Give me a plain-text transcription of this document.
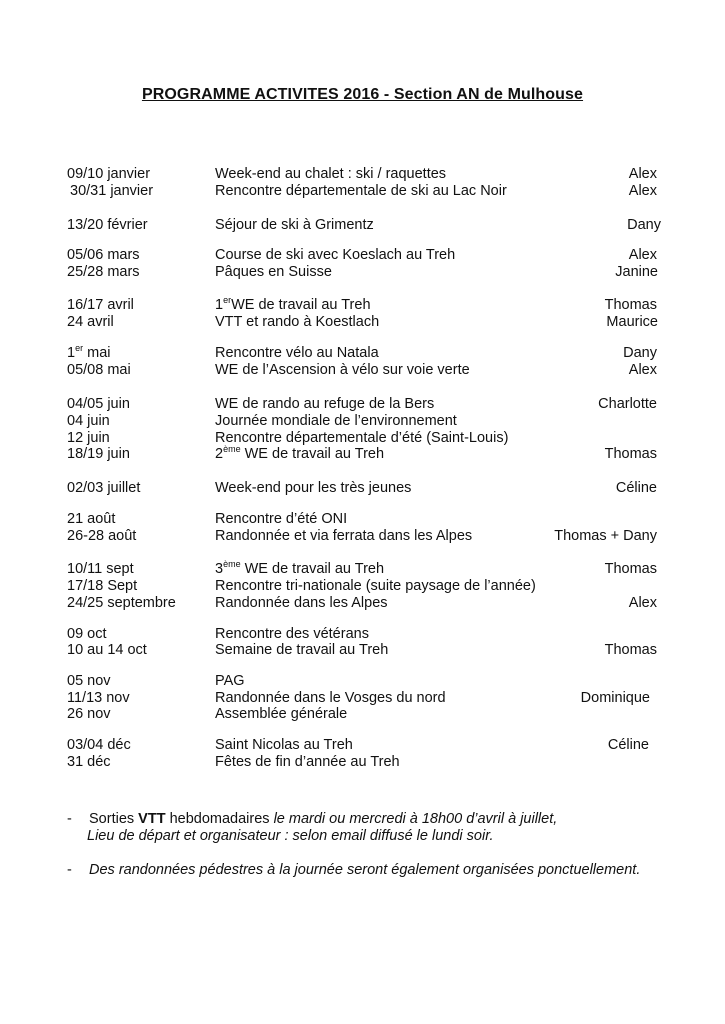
PROGRAMME ACTIVITES 2016 - Section AN de Mulhouse
09/10 janvier	Week-end au chalet : ski / raquettes	Alex
30/31 janvier	Rencontre départementale de ski au Lac Noir	Alex
13/20 février	Séjour de ski à Grimentz	Dany
05/06 mars	Course de ski avec Koeslach au Treh	Alex
25/28 mars	Pâques en Suisse	Janine
16/17 avril	1erWE de travail au Treh	Thomas
24 avril	VTT et rando à Koestlach	Maurice
1er mai	Rencontre vélo au Natala	Dany
05/08 mai	WE de l’Ascension à vélo sur voie verte	Alex
04/05 juin	WE de rando au refuge de la Bers	Charlotte
04 juin	Journée mondiale de l’environnement
12 juin	Rencontre départementale d’été (Saint-Louis)
18/19 juin	2ème WE de travail au Treh	Thomas
02/03 juillet	Week-end pour les très jeunes	Céline
21 août	Rencontre d’été ONI
26-28 août	Randonnée et via ferrata dans les Alpes	Thomas + Dany
10/11 sept	3ème WE de travail au Treh	Thomas
17/18 Sept	Rencontre tri-nationale (suite paysage de l’année)
24/25 septembre	Randonnée dans les Alpes	Alex
09 oct	Rencontre des vétérans
10 au 14 oct	Semaine de travail au Treh	Thomas
05 nov	PAG
11/13 nov	Randonnée dans le Vosges du nord	Dominique
26 nov	Assemblée générale
03/04 déc	Saint Nicolas au Treh	Céline
31 déc	Fêtes de fin d’année au Treh
- Sorties VTT hebdomadaires le mardi ou mercredi à 18h00 d’avril à juillet,
Lieu de départ et organisateur : selon email diffusé le lundi soir.
- Des randonnées pédestres à la journée seront également organisées ponctuellement.
